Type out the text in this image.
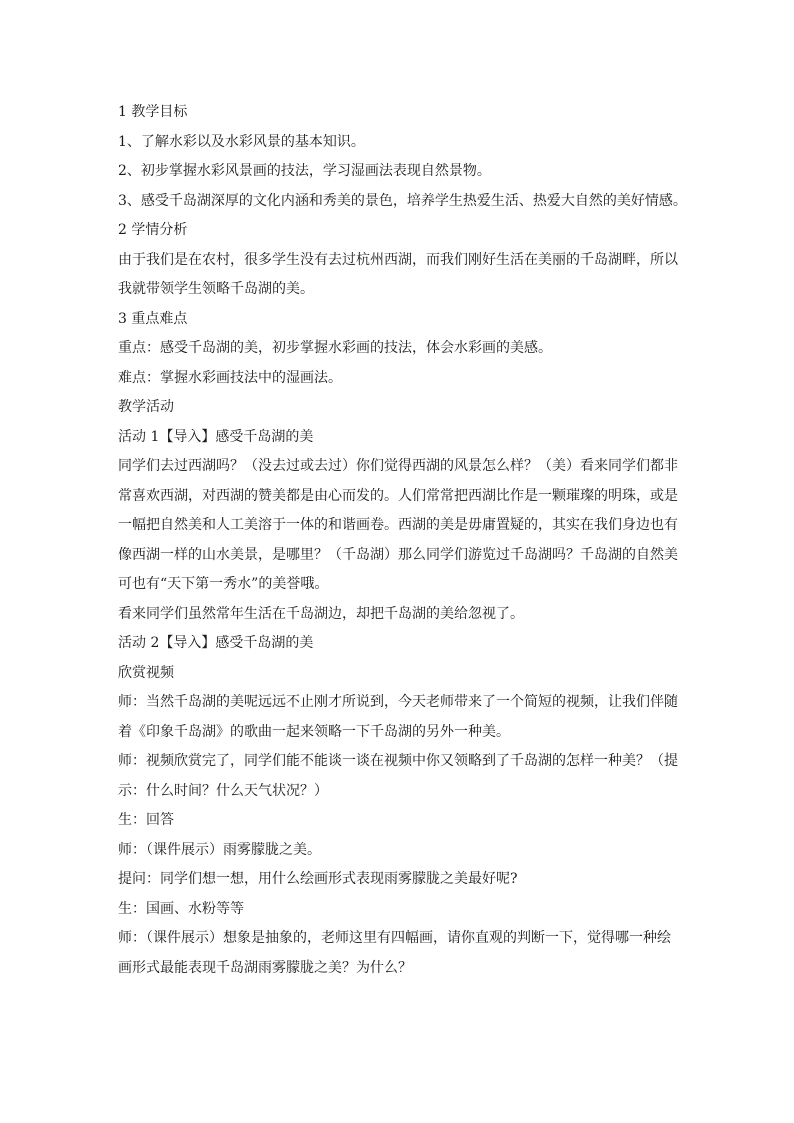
1 教学目标
1、了解水彩以及水彩风景的基本知识。
2、初步掌握水彩风景画的技法，学习湿画法表现自然景物。
3、感受千岛湖深厚的文化内涵和秀美的景色，培养学生热爱生活、热爱大自然的美好情感。
2 学情分析
由于我们是在农村，很多学生没有去过杭州西湖，而我们刚好生活在美丽的千岛湖畔，所以
我就带领学生领略千岛湖的美。
3 重点难点
重点：感受千岛湖的美，初步掌握水彩画的技法，体会水彩画的美感。
难点：掌握水彩画技法中的湿画法。
教学活动
活动 1【导入】感受千岛湖的美
同学们去过西湖吗？（没去过或去过）你们觉得西湖的风景怎么样？（美）看来同学们都非
常喜欢西湖，对西湖的赞美都是由心而发的。人们常常把西湖比作是一颗璀璨的明珠，或是
一幅把自然美和人工美溶于一体的和谐画卷。西湖的美是毋庸置疑的，其实在我们身边也有
像西湖一样的山水美景，是哪里？（千岛湖）那么同学们游览过千岛湖吗？千岛湖的自然美
可也有“天下第一秀水”的美誉哦。
看来同学们虽然常年生活在千岛湖边，却把千岛湖的美给忽视了。
活动 2【导入】感受千岛湖的美
欣赏视频
师：当然千岛湖的美呢远远不止刚才所说到，今天老师带来了一个简短的视频，让我们伴随
着《印象千岛湖》的歌曲一起来领略一下千岛湖的另外一种美。
师：视频欣赏完了，同学们能不能谈一谈在视频中你又领略到了千岛湖的怎样一种美？（提
示：什么时间？什么天气状况？）
生：回答
师：（课件展示）雨雾朦胧之美。
提问：同学们想一想，用什么绘画形式表现雨雾朦胧之美最好呢?
生：国画、水粉等等
师：（课件展示）想象是抽象的，老师这里有四幅画，请你直观的判断一下，觉得哪一种绘
画形式最能表现千岛湖雨雾朦胧之美？为什么？
